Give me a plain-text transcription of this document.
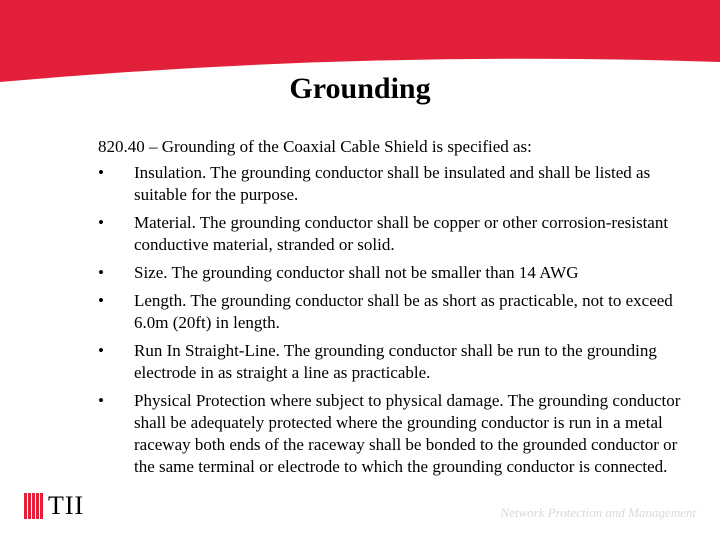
Grounding

820.40 – Grounding of the Coaxial Cable Shield is specified as:

•	Insulation. The grounding conductor shall be insulated and shall be listed as suitable for the purpose.
•	Material. The grounding conductor shall be copper or other corrosion-resistant conductive material, stranded or solid.
•	Size. The grounding conductor shall not be smaller than 14 AWG
•	Length. The grounding conductor shall be as short as practicable, not to exceed 6.0m (20ft) in length.
•	Run In Straight-Line. The grounding conductor shall be run to the grounding electrode in as straight a line as practicable.
•	Physical Protection where subject to physical damage. The grounding conductor shall be adequately protected where the grounding conductor is run in a metal raceway both ends of the raceway shall be bonded to the grounded conductor or the same terminal or electrode to which the grounding conductor is connected.
TII	Network Protection and Management
